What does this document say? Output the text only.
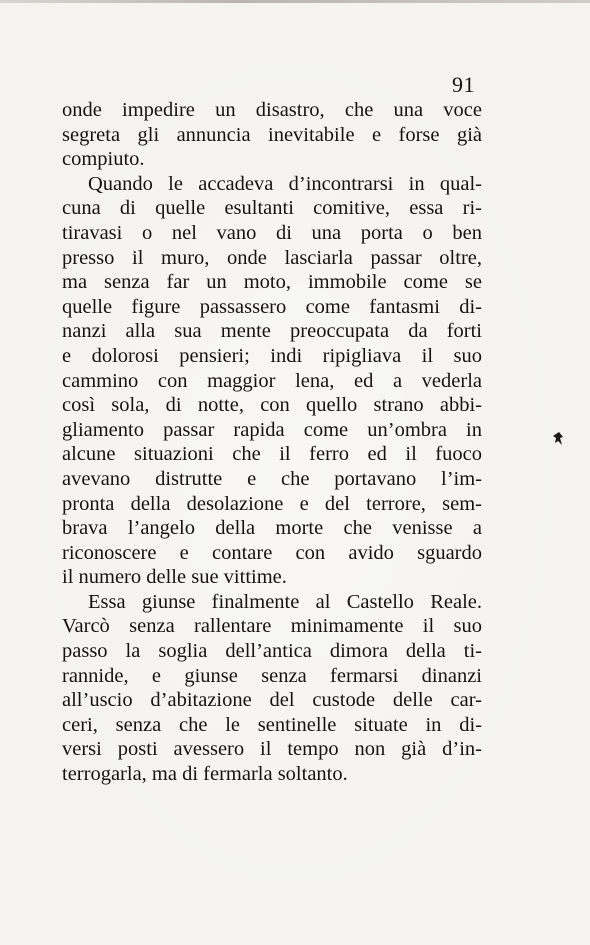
91
onde impedire un disastro, che una voce
segreta gli annuncia inevitabile e forse già
compiuto.
Quando le accadeva d’incontrarsi in qual-
cuna di quelle esultanti comitive, essa ri-
tiravasi o nel vano di una porta o ben
presso il muro, onde lasciarla passar oltre,
ma senza far un moto, immobile come se
quelle figure passassero come fantasmi di-
nanzi alla sua mente preoccupata da forti
e dolorosi pensieri; indi ripigliava il suo
cammino con maggior lena, ed a vederla
così sola, di notte, con quello strano abbi-
gliamento passar rapida come un’ombra in
alcune situazioni che il ferro ed il fuoco
avevano distrutte e che portavano l’im-
pronta della desolazione e del terrore, sem-
brava l’angelo della morte che venisse a
riconoscere e contare con avido sguardo
il numero delle sue vittime.
Essa giunse finalmente al Castello Reale.
Varcò senza rallentare minimamente il suo
passo la soglia dell’antica dimora della ti-
rannide, e giunse senza fermarsi dinanzi
all’uscio d’abitazione del custode delle car-
ceri, senza che le sentinelle situate in di-
versi posti avessero il tempo non già d’in-
terrogarla, ma di fermarla soltanto.
